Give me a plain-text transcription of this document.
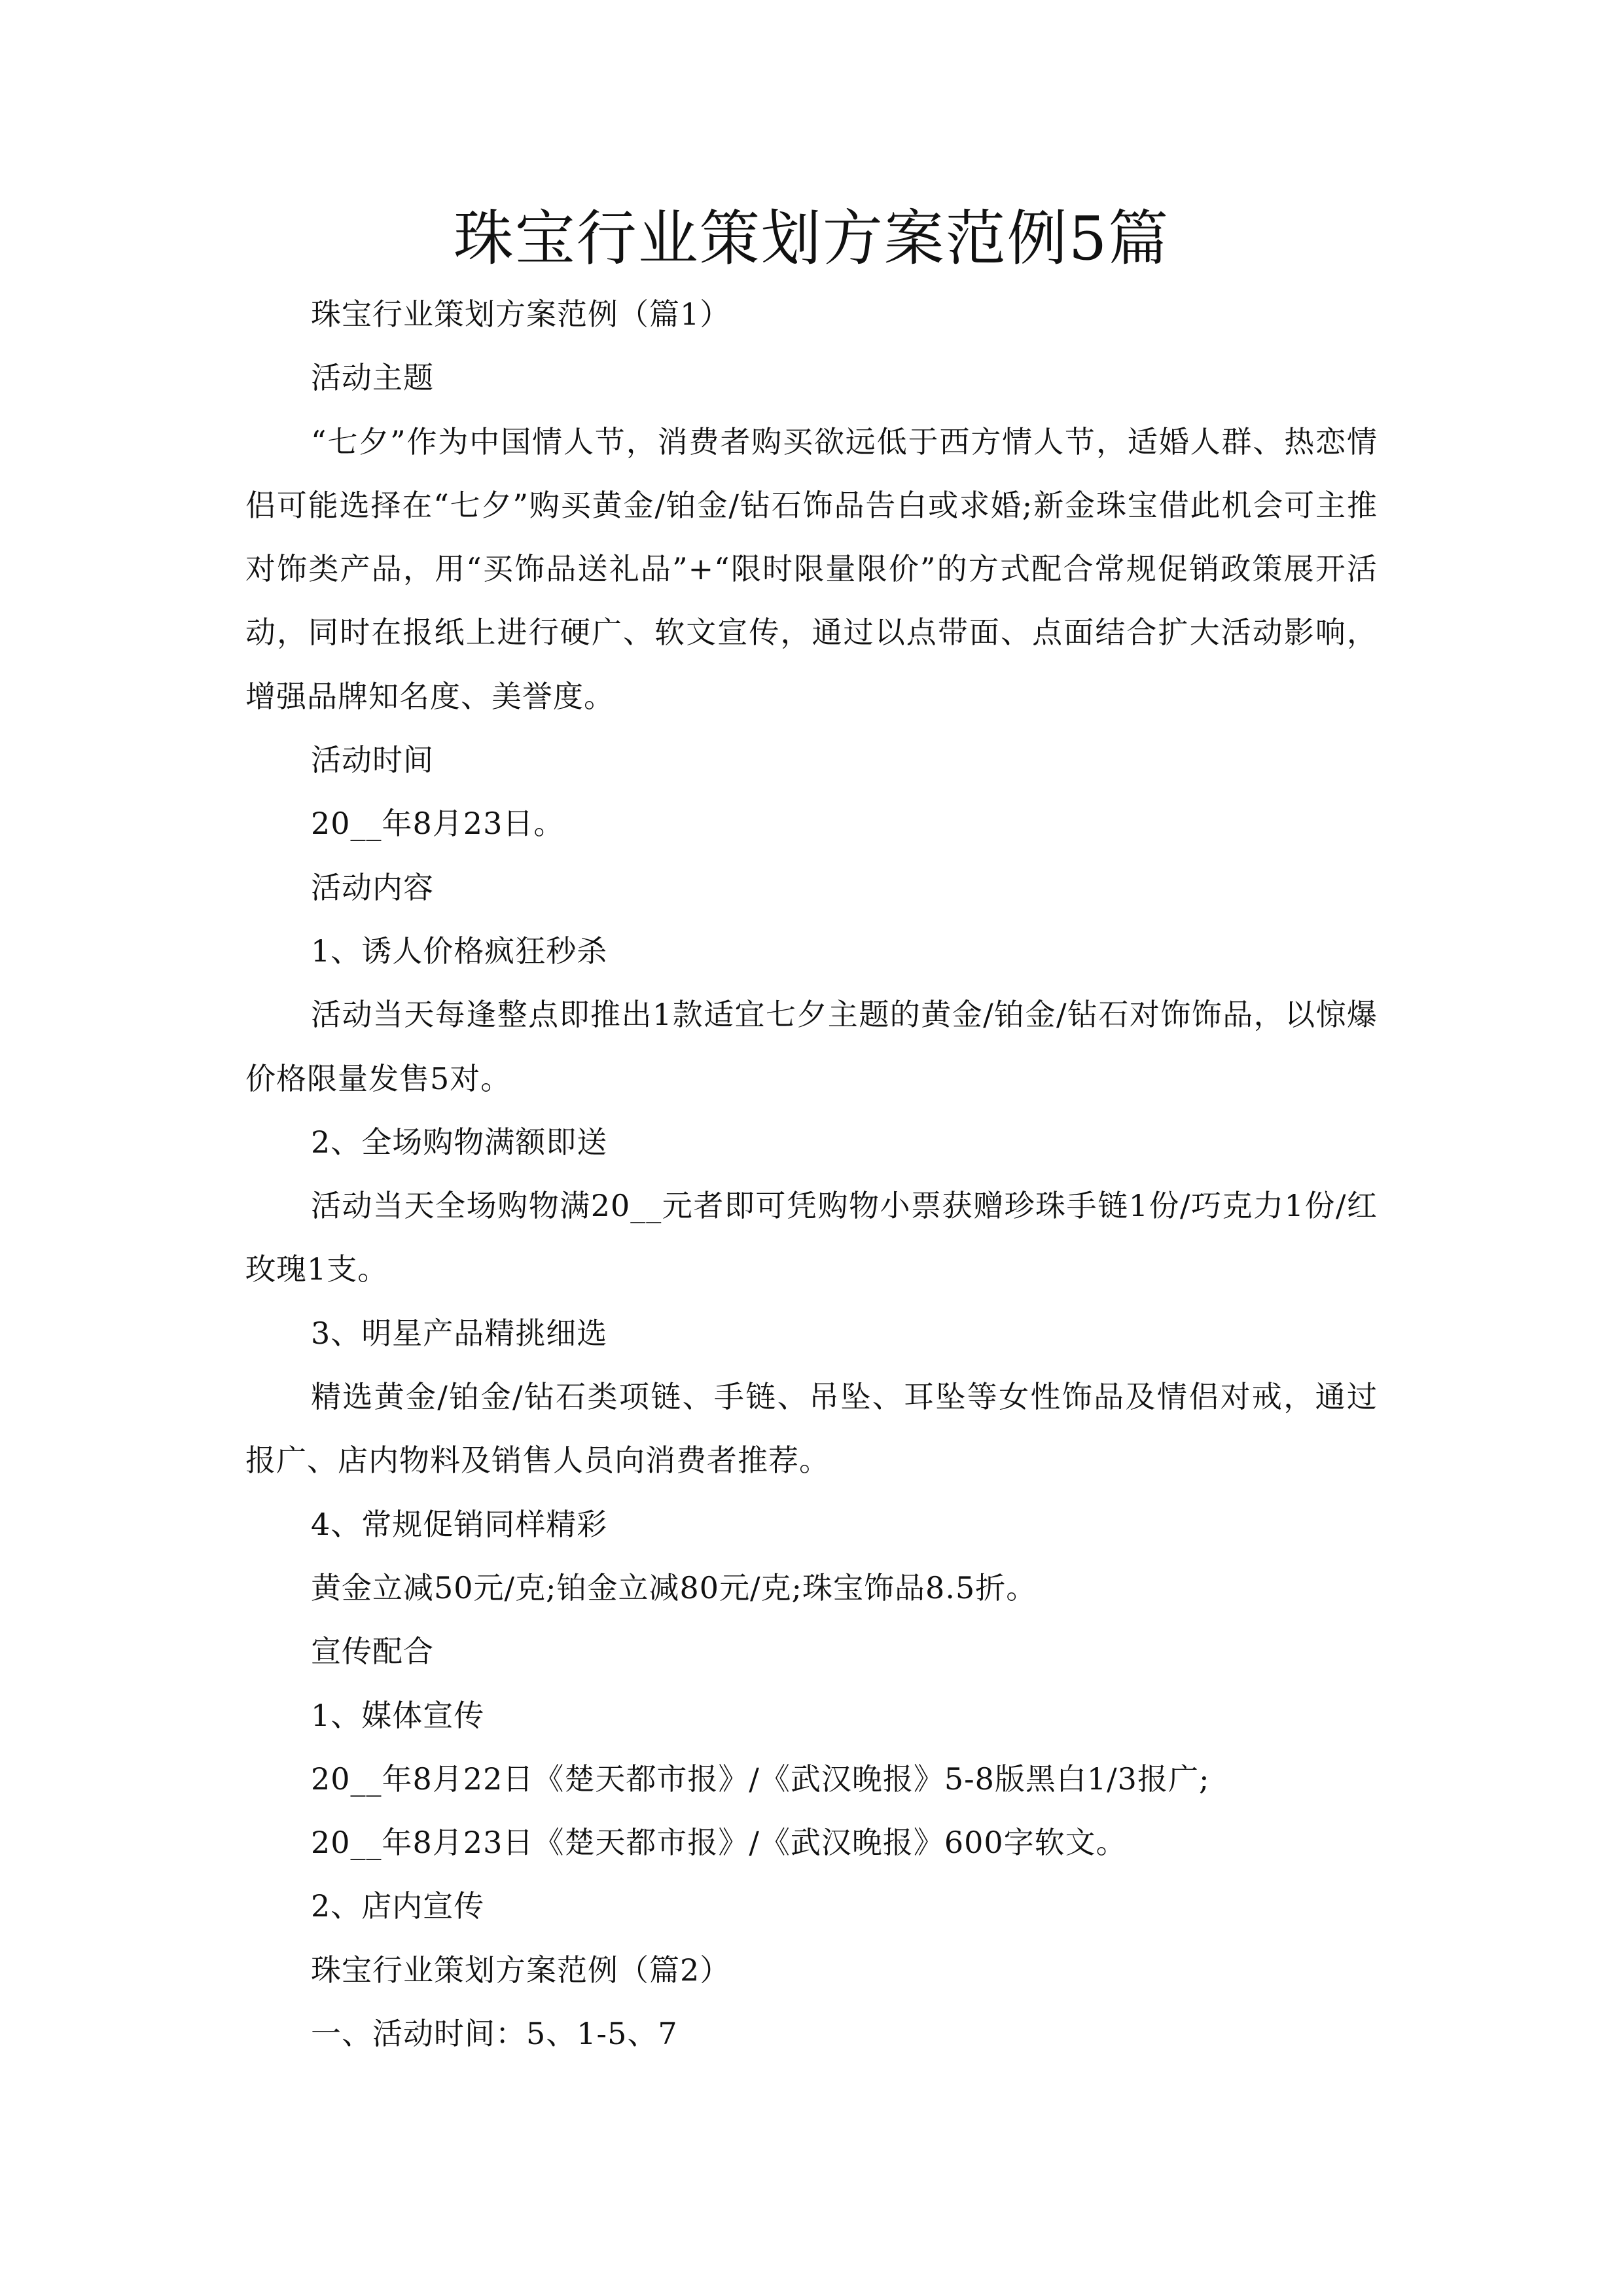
珠宝行业策划方案范例5篇

珠宝行业策划方案范例（篇1）

活动主题

“七夕”作为中国情人节，消费者购买欲远低于西方情人节，适婚人群、热恋情侣可能选择在“七夕”购买黄金/铂金/钻石饰品告白或求婚;新金珠宝借此机会可主推对饰类产品，用“买饰品送礼品”+“限时限量限价”的方式配合常规促销政策展开活动，同时在报纸上进行硬广、软文宣传，通过以点带面、点面结合扩大活动影响，增强品牌知名度、美誉度。

活动时间

20__年8月23日。

活动内容

1、诱人价格疯狂秒杀

活动当天每逢整点即推出1款适宜七夕主题的黄金/铂金/钻石对饰饰品，以惊爆价格限量发售5对。

2、全场购物满额即送

活动当天全场购物满20__元者即可凭购物小票获赠珍珠手链1份/巧克力1份/红玫瑰1支。

3、明星产品精挑细选

精选黄金/铂金/钻石类项链、手链、吊坠、耳坠等女性饰品及情侣对戒，通过报广、店内物料及销售人员向消费者推荐。

4、常规促销同样精彩

黄金立减50元/克;铂金立减80元/克;珠宝饰品8.5折。

宣传配合

1、媒体宣传

20__年8月22日《楚天都市报》/《武汉晚报》5-8版黑白1/3报广;

20__年8月23日《楚天都市报》/《武汉晚报》600字软文。

2、店内宣传

珠宝行业策划方案范例（篇2）

一、活动时间：5、1-5、7
